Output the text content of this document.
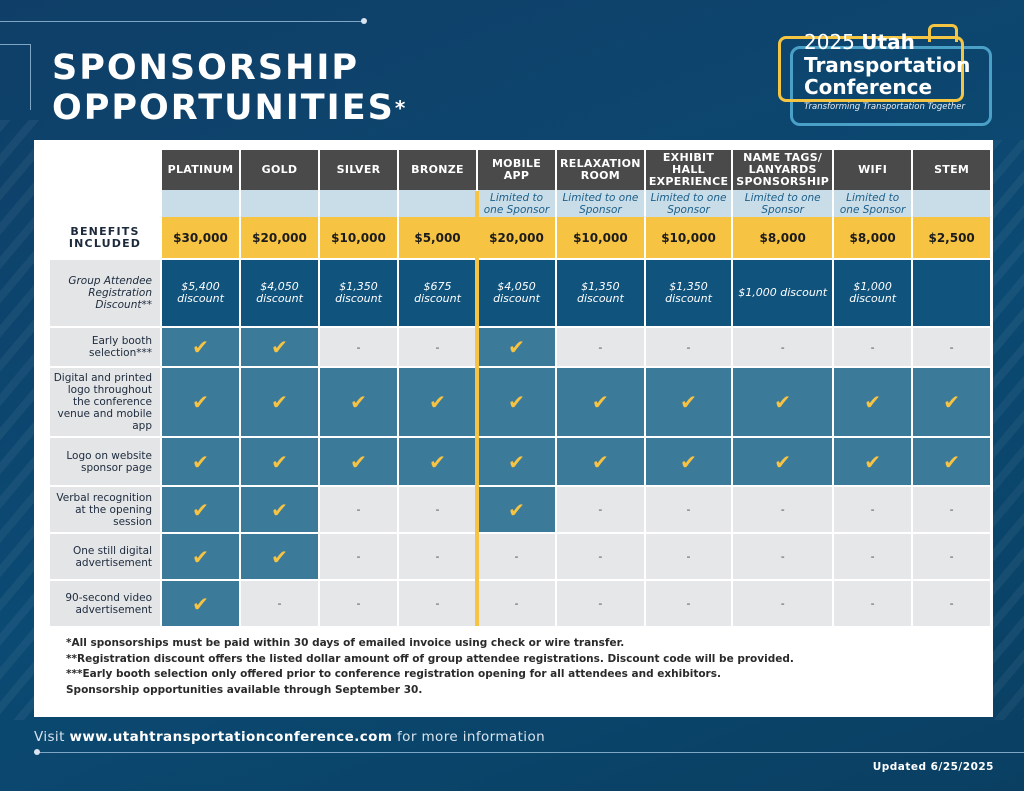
SPONSORSHIP
OPPORTUNITIES*
2025 Utah
Transportation
Conference
Transforming Transportation Together
	PLATINUM	GOLD	SILVER	BRONZE	MOBILE APP	RELAXATION ROOM	EXHIBIT HALL EXPERIENCE	NAME TAGS/ LANYARDS SPONSORSHIP	WIFI	STEM
					Limited to one Sponsor	Limited to one Sponsor	Limited to one Sponsor	Limited to one Sponsor	Limited to one Sponsor	
BENEFITS INCLUDED	$30,000	$20,000	$10,000	$5,000	$20,000	$10,000	$10,000	$8,000	$8,000	$2,500
Group Attendee Registration Discount**	$5,400 discount	$4,050 discount	$1,350 discount	$675 discount	$4,050 discount	$1,350 discount	$1,350 discount	$1,000 discount	$1,000 discount	
Early booth selection***	✔	✔	-	-	✔	-	-	-	-	-
Digital and printed logo throughout the conference venue and mobile app	✔	✔	✔	✔	✔	✔	✔	✔	✔	✔
Logo on website sponsor page	✔	✔	✔	✔	✔	✔	✔	✔	✔	✔
Verbal recognition at the opening session	✔	✔	-	-	✔	-	-	-	-	-
One still digital advertisement	✔	✔	-	-	-	-	-	-	-	-
90-second video advertisement	✔	-	-	-	-	-	-	-	-	-
*All sponsorships must be paid within 30 days of emailed invoice using check or wire transfer.
**Registration discount offers the listed dollar amount off of group attendee registrations. Discount code will be provided.
***Early booth selection only offered prior to conference registration opening for all attendees and exhibitors.
Sponsorship opportunities available through September 30.
Visit www.utahtransportationconference.com for more information
Updated 6/25/2025
